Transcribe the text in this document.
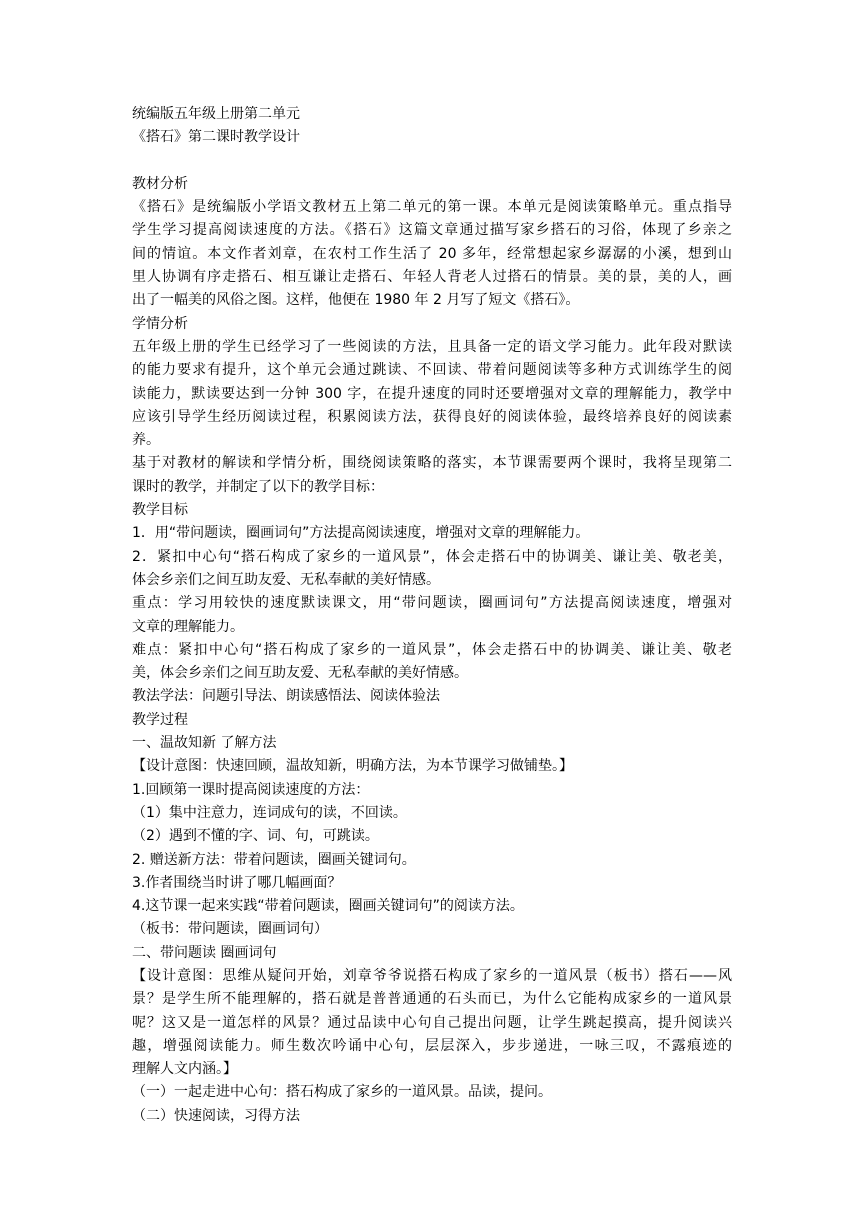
统编版五年级上册第二单元
《搭石》第二课时教学设计
教材分析
《搭石》是统编版小学语文教材五上第二单元的第一课。本单元是阅读策略单元。重点指导
学生学习提高阅读速度的方法。《搭石》这篇文章通过描写家乡搭石的习俗，体现了乡亲之
间的情谊。本文作者刘章，在农村工作生活了 20 多年，经常想起家乡潺潺的小溪，想到山
里人协调有序走搭石、相互谦让走搭石、年轻人背老人过搭石的情景。美的景，美的人，画
出了一幅美的风俗之图。这样，他便在 1980 年 2 月写了短文《搭石》。
学情分析
五年级上册的学生已经学习了一些阅读的方法，且具备一定的语文学习能力。此年段对默读
的能力要求有提升，这个单元会通过跳读、不回读、带着问题阅读等多种方式训练学生的阅
读能力，默读要达到一分钟 300 字，在提升速度的同时还要增强对文章的理解能力，教学中
应该引导学生经历阅读过程，积累阅读方法，获得良好的阅读体验，最终培养良好的阅读素
养。
基于对教材的解读和学情分析，围绕阅读策略的落实，本节课需要两个课时，我将呈现第二
课时的教学，并制定了以下的教学目标：
教学目标
1．用“带问题读，圈画词句”方法提高阅读速度，增强对文章的理解能力。
2．紧扣中心句“搭石构成了家乡的一道风景”，体会走搭石中的协调美、谦让美、敬老美，
体会乡亲们之间互助友爱、无私奉献的美好情感。
重点：学习用较快的速度默读课文，用“带问题读，圈画词句”方法提高阅读速度，增强对
文章的理解能力。
难点：紧扣中心句“搭石构成了家乡的一道风景”，体会走搭石中的协调美、谦让美、敬老
美，体会乡亲们之间互助友爱、无私奉献的美好情感。
教法学法：问题引导法、朗读感悟法、阅读体验法
教学过程
一、温故知新 了解方法
【设计意图：快速回顾，温故知新，明确方法，为本节课学习做铺垫。】
1.回顾第一课时提高阅读速度的方法：
（1）集中注意力，连词成句的读，不回读。
（2）遇到不懂的字、词、句，可跳读。
2. 赠送新方法：带着问题读，圈画关键词句。
3.作者围绕当时讲了哪几幅画面？
4.这节课一起来实践“带着问题读，圈画关键词句”的阅读方法。
（板书：带问题读，圈画词句）
二、带问题读 圈画词句
【设计意图：思维从疑问开始，刘章爷爷说搭石构成了家乡的一道风景（板书）搭石——风
景？是学生所不能理解的，搭石就是普普通通的石头而已，为什么它能构成家乡的一道风景
呢？这又是一道怎样的风景？通过品读中心句自己提出问题，让学生跳起摸高，提升阅读兴
趣，增强阅读能力。师生数次吟诵中心句，层层深入，步步递进，一咏三叹，不露痕迹的
理解人文内涵。】
（一）一起走进中心句：搭石构成了家乡的一道风景。品读，提问。
（二）快速阅读，习得方法
